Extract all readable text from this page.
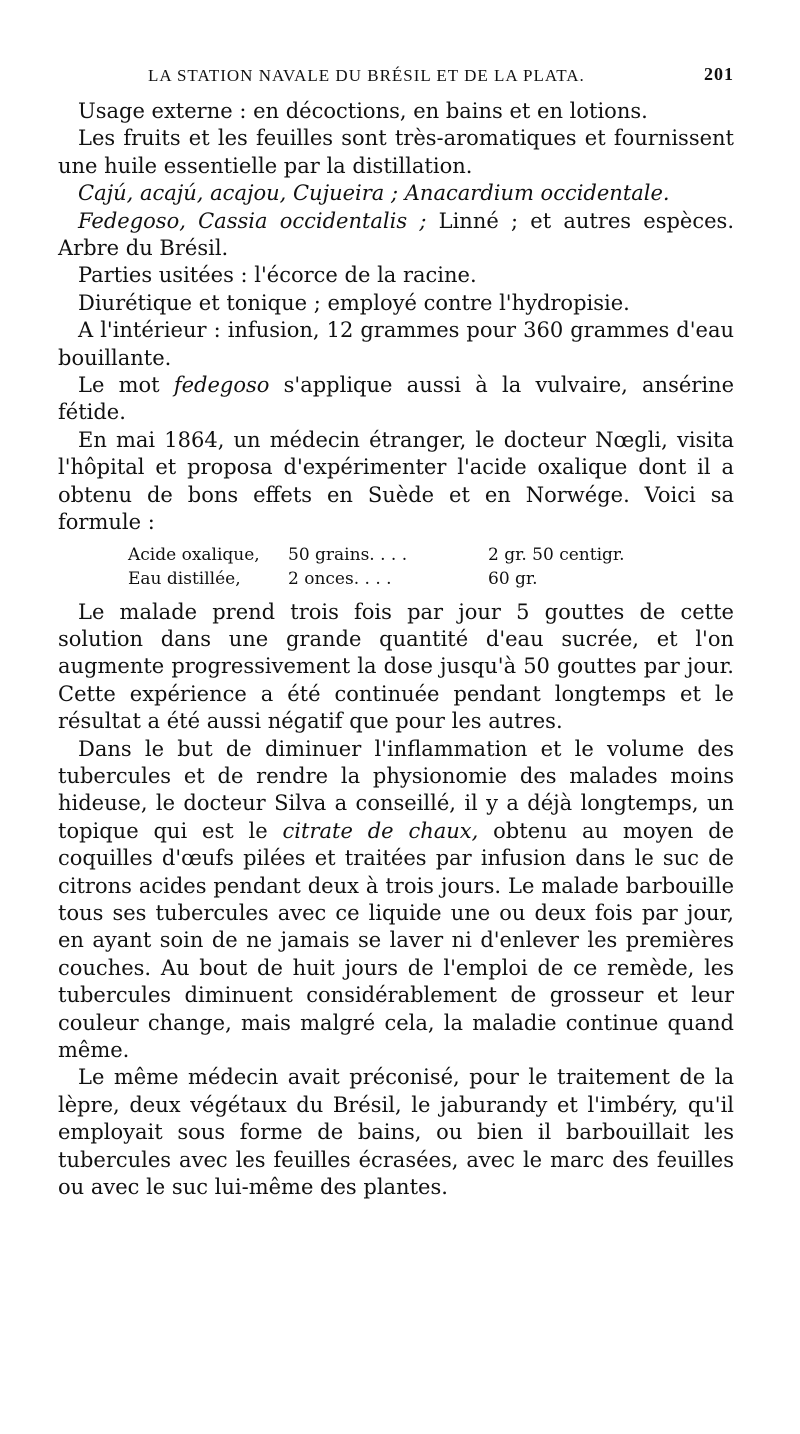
LA STATION NAVALE DU BRÉSIL ET DE LA PLATA.	201

Usage externe : en décoctions, en bains et en lotions.

Les fruits et les feuilles sont très-aromatiques et fournissent une huile essentielle par la distillation.

Cajú, acajú, acajou, Cujueira ; Anacardium occidentale.

Fedegoso, Cassia occidentalis ; Linné ; et autres espèces. Arbre du Brésil.

Parties usitées : l'écorce de la racine.

Diurétique et tonique ; employé contre l'hydropisie.

A l'intérieur : infusion, 12 grammes pour 360 grammes d'eau bouillante.

Le mot fedegoso s'applique aussi à la vulvaire, ansérine fétide.

En mai 1864, un médecin étranger, le docteur Nœgli, visita l'hôpital et proposa d'expérimenter l'acide oxalique dont il a obtenu de bons effets en Suède et en Norwége. Voici sa formule :

Acide oxalique,	50 grains. . . .	2 gr. 50 centigr.
Eau distillée,	2 onces. . . .	60 gr.

Le malade prend trois fois par jour 5 gouttes de cette solution dans une grande quantité d'eau sucrée, et l'on augmente progressivement la dose jusqu'à 50 gouttes par jour. Cette expérience a été continuée pendant longtemps et le résultat a été aussi négatif que pour les autres.

Dans le but de diminuer l'inflammation et le volume des tubercules et de rendre la physionomie des malades moins hideuse, le docteur Silva a conseillé, il y a déjà longtemps, un topique qui est le citrate de chaux, obtenu au moyen de coquilles d'œufs pilées et traitées par infusion dans le suc de citrons acides pendant deux à trois jours. Le malade barbouille tous ses tubercules avec ce liquide une ou deux fois par jour, en ayant soin de ne jamais se laver ni d'enlever les premières couches. Au bout de huit jours de l'emploi de ce remède, les tubercules diminuent considérablement de grosseur et leur couleur change, mais malgré cela, la maladie continue quand même.

Le même médecin avait préconisé, pour le traitement de la lèpre, deux végétaux du Brésil, le jaburandy et l'imbéry, qu'il employait sous forme de bains, ou bien il barbouillait les tubercules avec les feuilles écrasées, avec le marc des feuilles ou avec le suc lui-même des plantes.
